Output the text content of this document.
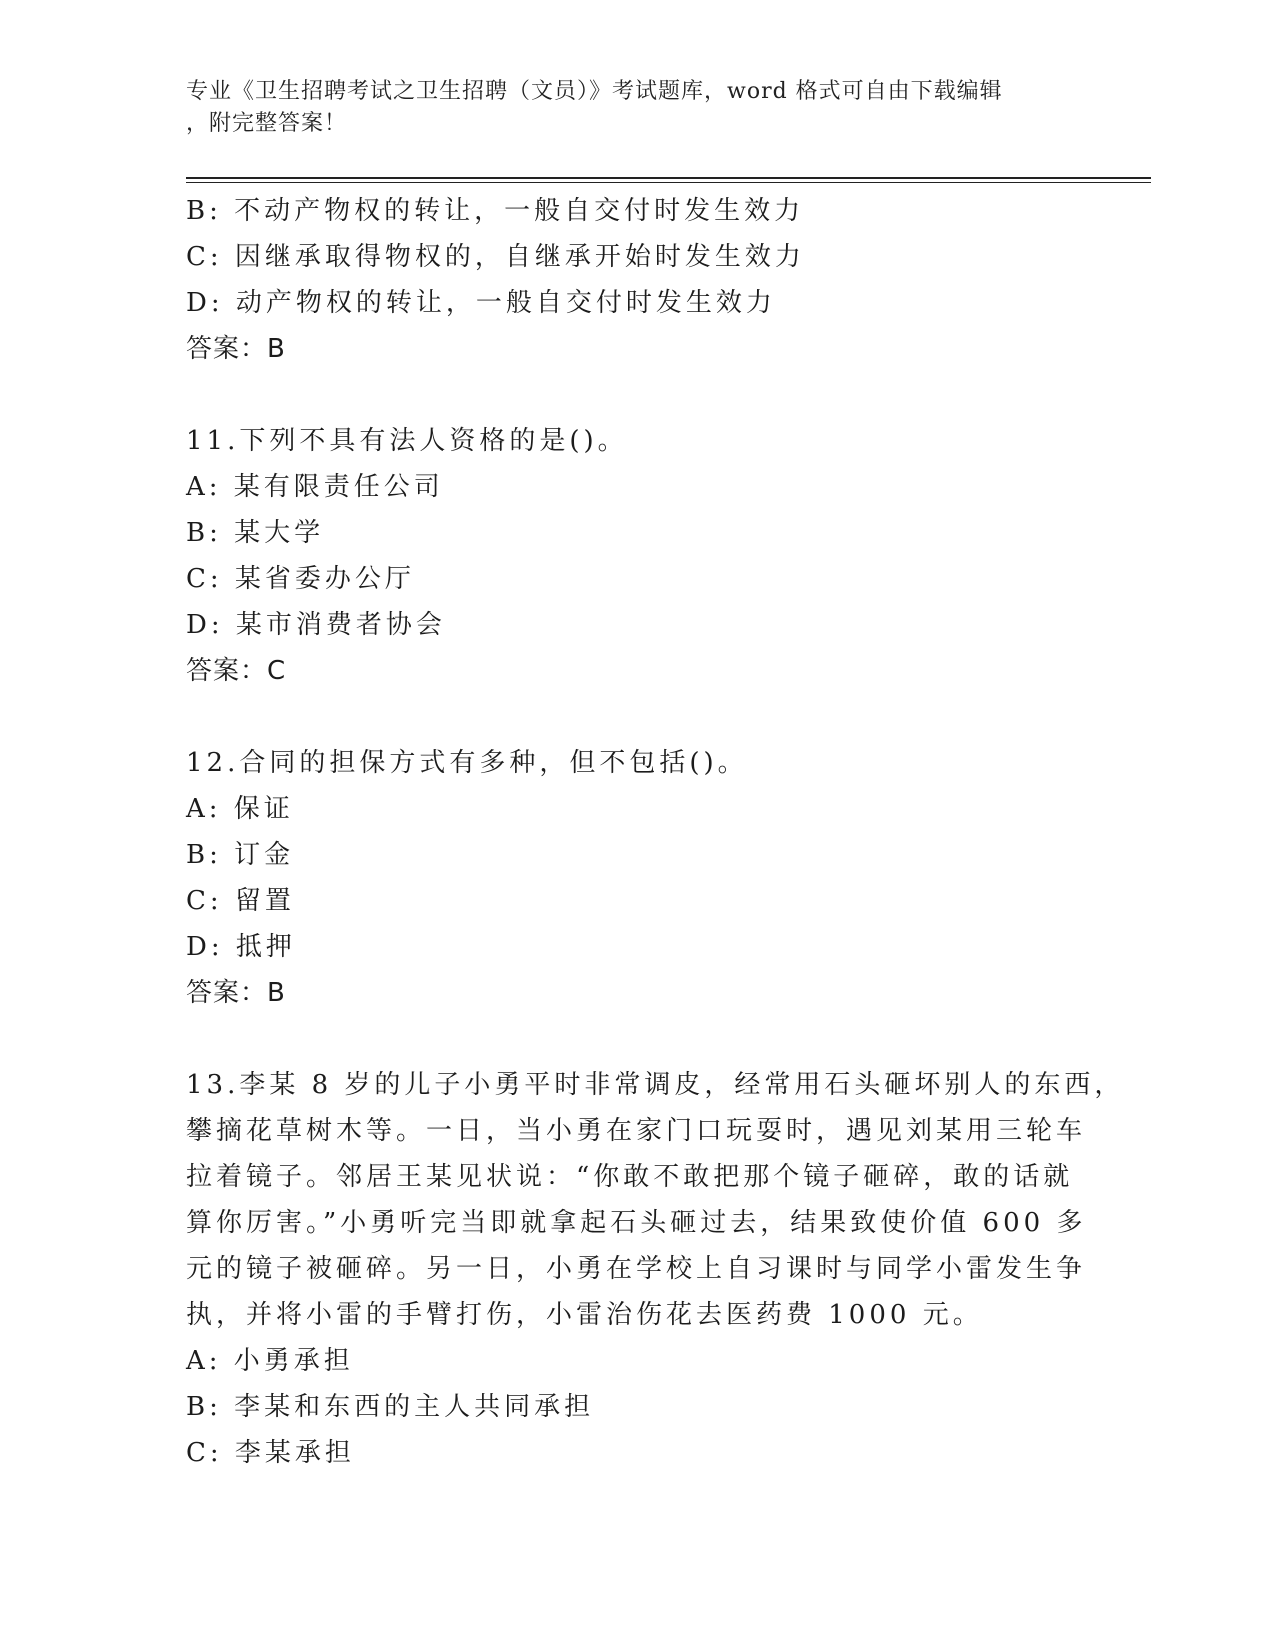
专业《卫生招聘考试之卫生招聘（文员）》考试题库，word 格式可自由下载编辑
，附完整答案！
B: 不动产物权的转让，一般自交付时发生效力
C: 因继承取得物权的，自继承开始时发生效力
D: 动产物权的转让，一般自交付时发生效力
答案：B
11.下列不具有法人资格的是()。
A: 某有限责任公司
B: 某大学
C: 某省委办公厅
D: 某市消费者协会
答案：C
12.合同的担保方式有多种，但不包括()。
A: 保证
B: 订金
C: 留置
D: 抵押
答案：B
13.李某 8 岁的儿子小勇平时非常调皮，经常用石头砸坏别人的东西，
攀摘花草树木等。一日，当小勇在家门口玩耍时，遇见刘某用三轮车
拉着镜子。邻居王某见状说：“你敢不敢把那个镜子砸碎，敢的话就
算你厉害。”小勇听完当即就拿起石头砸过去，结果致使价值 600 多
元的镜子被砸碎。另一日，小勇在学校上自习课时与同学小雷发生争
执，并将小雷的手臂打伤，小雷治伤花去医药费 1000 元。
A: 小勇承担
B: 李某和东西的主人共同承担
C: 李某承担
